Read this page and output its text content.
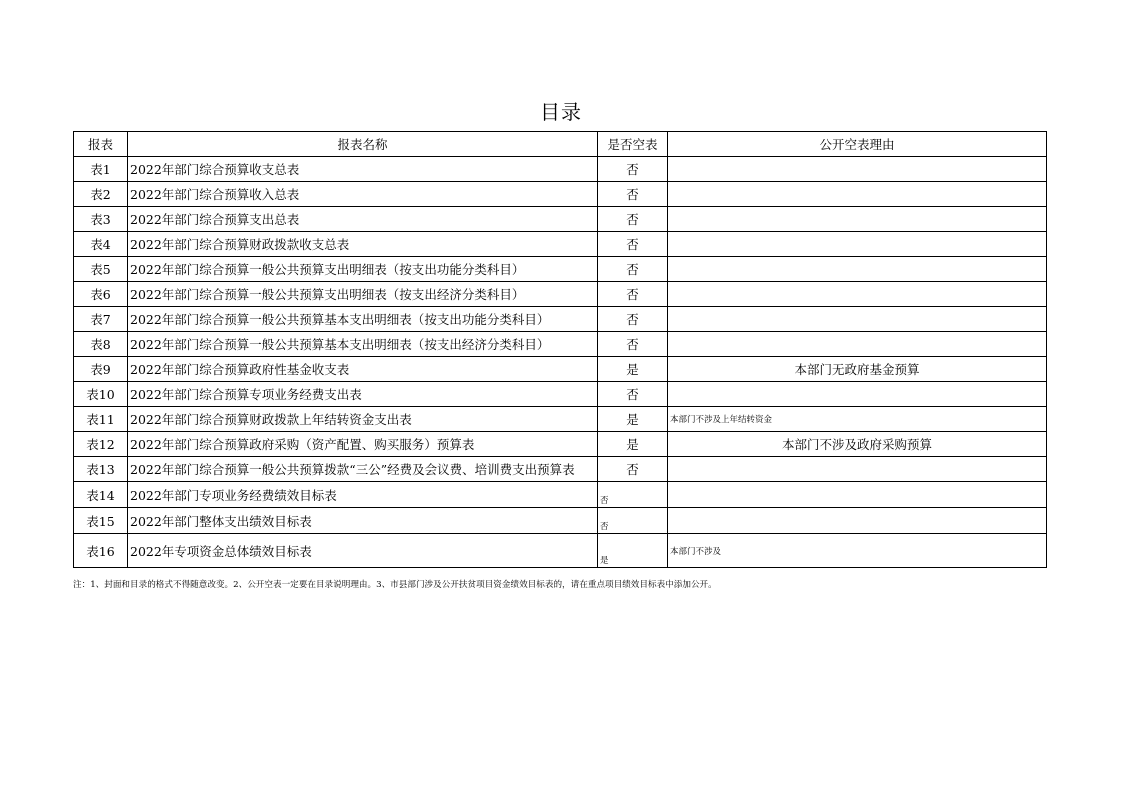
目录
报表	报表名称	是否空表	公开空表理由
表1	2022年部门综合预算收支总表	否	
表2	2022年部门综合预算收入总表	否	
表3	2022年部门综合预算支出总表	否	
表4	2022年部门综合预算财政拨款收支总表	否	
表5	2022年部门综合预算一般公共预算支出明细表（按支出功能分类科目）	否	
表6	2022年部门综合预算一般公共预算支出明细表（按支出经济分类科目）	否	
表7	2022年部门综合预算一般公共预算基本支出明细表（按支出功能分类科目）	否	
表8	2022年部门综合预算一般公共预算基本支出明细表（按支出经济分类科目）	否	
表9	2022年部门综合预算政府性基金收支表	是	本部门无政府基金预算
表10	2022年部门综合预算专项业务经费支出表	否	
表11	2022年部门综合预算财政拨款上年结转资金支出表	是	本部门不涉及上年结转资金
表12	2022年部门综合预算政府采购（资产配置、购买服务）预算表	是	本部门不涉及政府采购预算
表13	2022年部门综合预算一般公共预算拨款“三公”经费及会议费、培训费支出预算表	否	
表14	2022年部门专项业务经费绩效目标表	否	
表15	2022年部门整体支出绩效目标表	否	
表16	2022年专项资金总体绩效目标表	是	本部门不涉及
注：1、封面和目录的格式不得随意改变。2、公开空表一定要在目录说明理由。3、市县部门涉及公开扶贫项目资金绩效目标表的，请在重点项目绩效目标表中添加公开。
